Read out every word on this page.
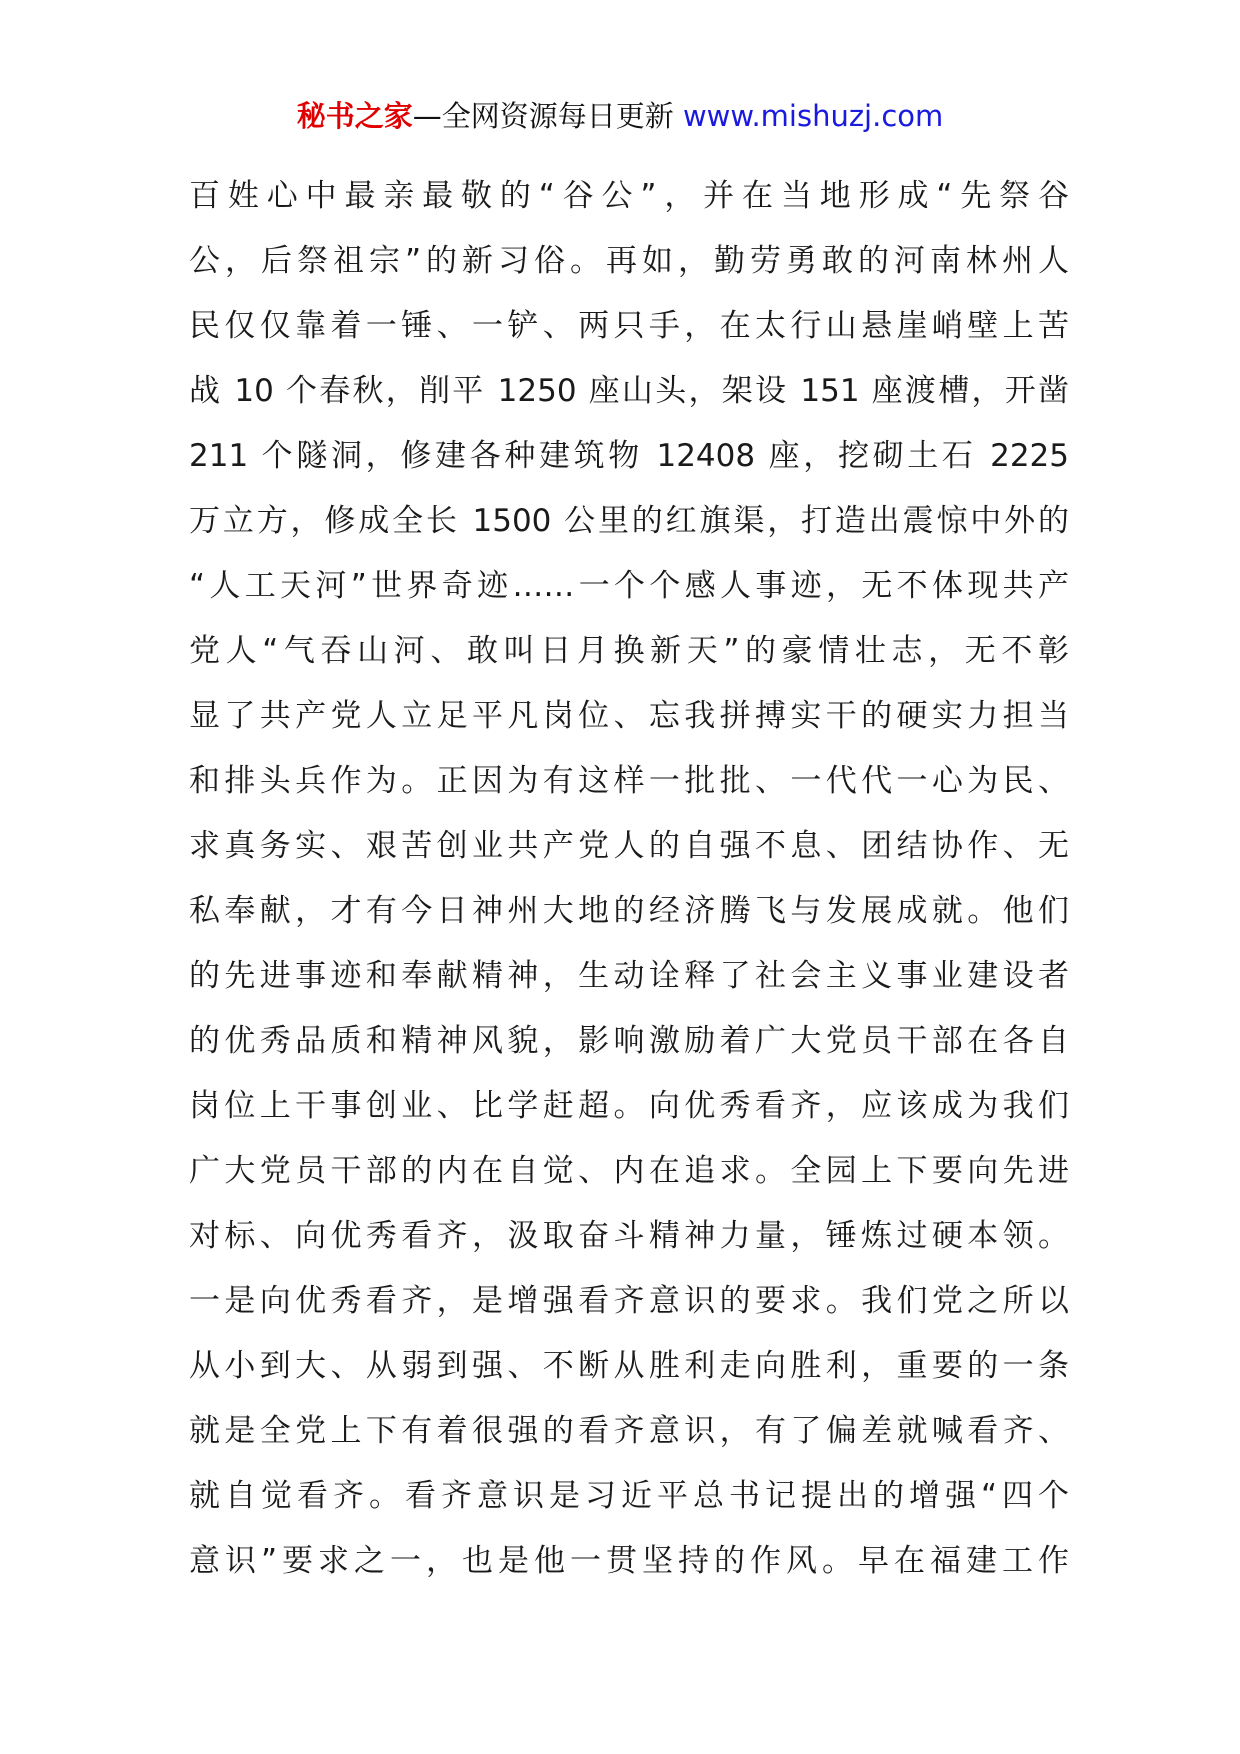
秘书之家—全网资源每日更新 www.mishuzj.com
百姓心中最亲最敬的“谷公”，并在当地形成“先祭谷
公，后祭祖宗”的新习俗。再如，勤劳勇敢的河南林州人
民仅仅靠着一锤、一铲、两只手，在太行山悬崖峭壁上苦
战 10 个春秋，削平 1250 座山头，架设 151 座渡槽，开凿
211 个隧洞，修建各种建筑物 12408 座，挖砌土石 2225
万立方，修成全长 1500 公里的红旗渠，打造出震惊中外的
“人工天河”世界奇迹……一个个感人事迹，无不体现共产
党人“气吞山河、敢叫日月换新天”的豪情壮志，无不彰
显了共产党人立足平凡岗位、忘我拼搏实干的硬实力担当
和排头兵作为。正因为有这样一批批、一代代一心为民、
求真务实、艰苦创业共产党人的自强不息、团结协作、无
私奉献，才有今日神州大地的经济腾飞与发展成就。他们
的先进事迹和奉献精神，生动诠释了社会主义事业建设者
的优秀品质和精神风貌，影响激励着广大党员干部在各自
岗位上干事创业、比学赶超。向优秀看齐，应该成为我们
广大党员干部的内在自觉、内在追求。全园上下要向先进
对标、向优秀看齐，汲取奋斗精神力量，锤炼过硬本领。
一是向优秀看齐，是增强看齐意识的要求。我们党之所以
从小到大、从弱到强、不断从胜利走向胜利，重要的一条
就是全党上下有着很强的看齐意识，有了偏差就喊看齐、
就自觉看齐。看齐意识是习近平总书记提出的增强“四个
意识”要求之一，也是他一贯坚持的作风。早在福建工作
